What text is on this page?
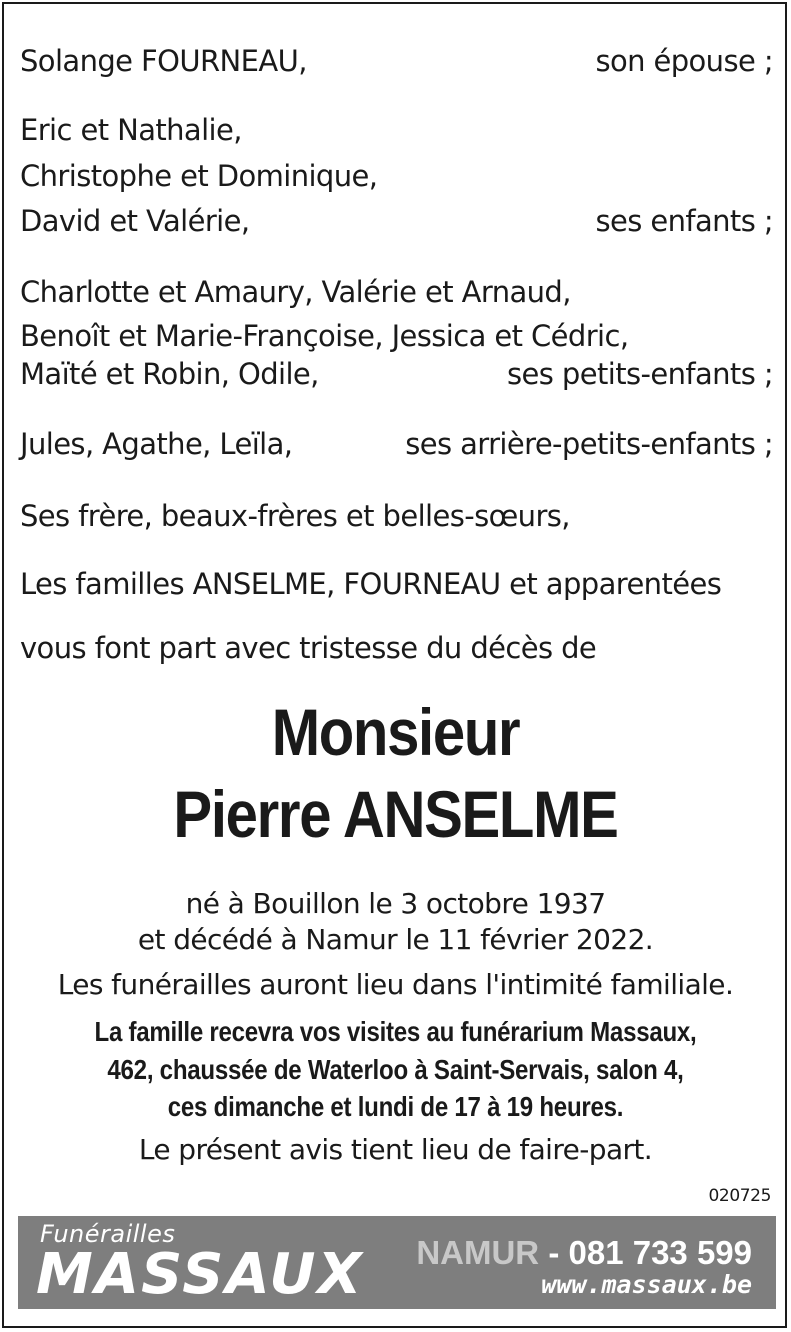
Solange FOURNEAU,	son épouse ;
Eric et Nathalie,
Christophe et Dominique,
David et Valérie,	ses enfants ;
Charlotte et Amaury, Valérie et Arnaud,
Benoît et Marie-Françoise, Jessica et Cédric,
Maïté et Robin, Odile,	ses petits-enfants ;
Jules, Agathe, Leïla,	ses arrière-petits-enfants ;
Ses frère, beaux-frères et belles-sœurs,
Les familles ANSELME, FOURNEAU et apparentées
vous font part avec tristesse du décès de
Monsieur
Pierre ANSELME
né à Bouillon le 3 octobre 1937
et décédé à Namur le 11 février 2022.
Les funérailles auront lieu dans l'intimité familiale.
La famille recevra vos visites au funérarium Massaux,
462, chaussée de Waterloo à Saint-Servais, salon 4,
ces dimanche et lundi de 17 à 19 heures.
Le présent avis tient lieu de faire-part.
020725
Funérailles
MASSAUX NAMUR - 081 733 599
www.massaux.be
